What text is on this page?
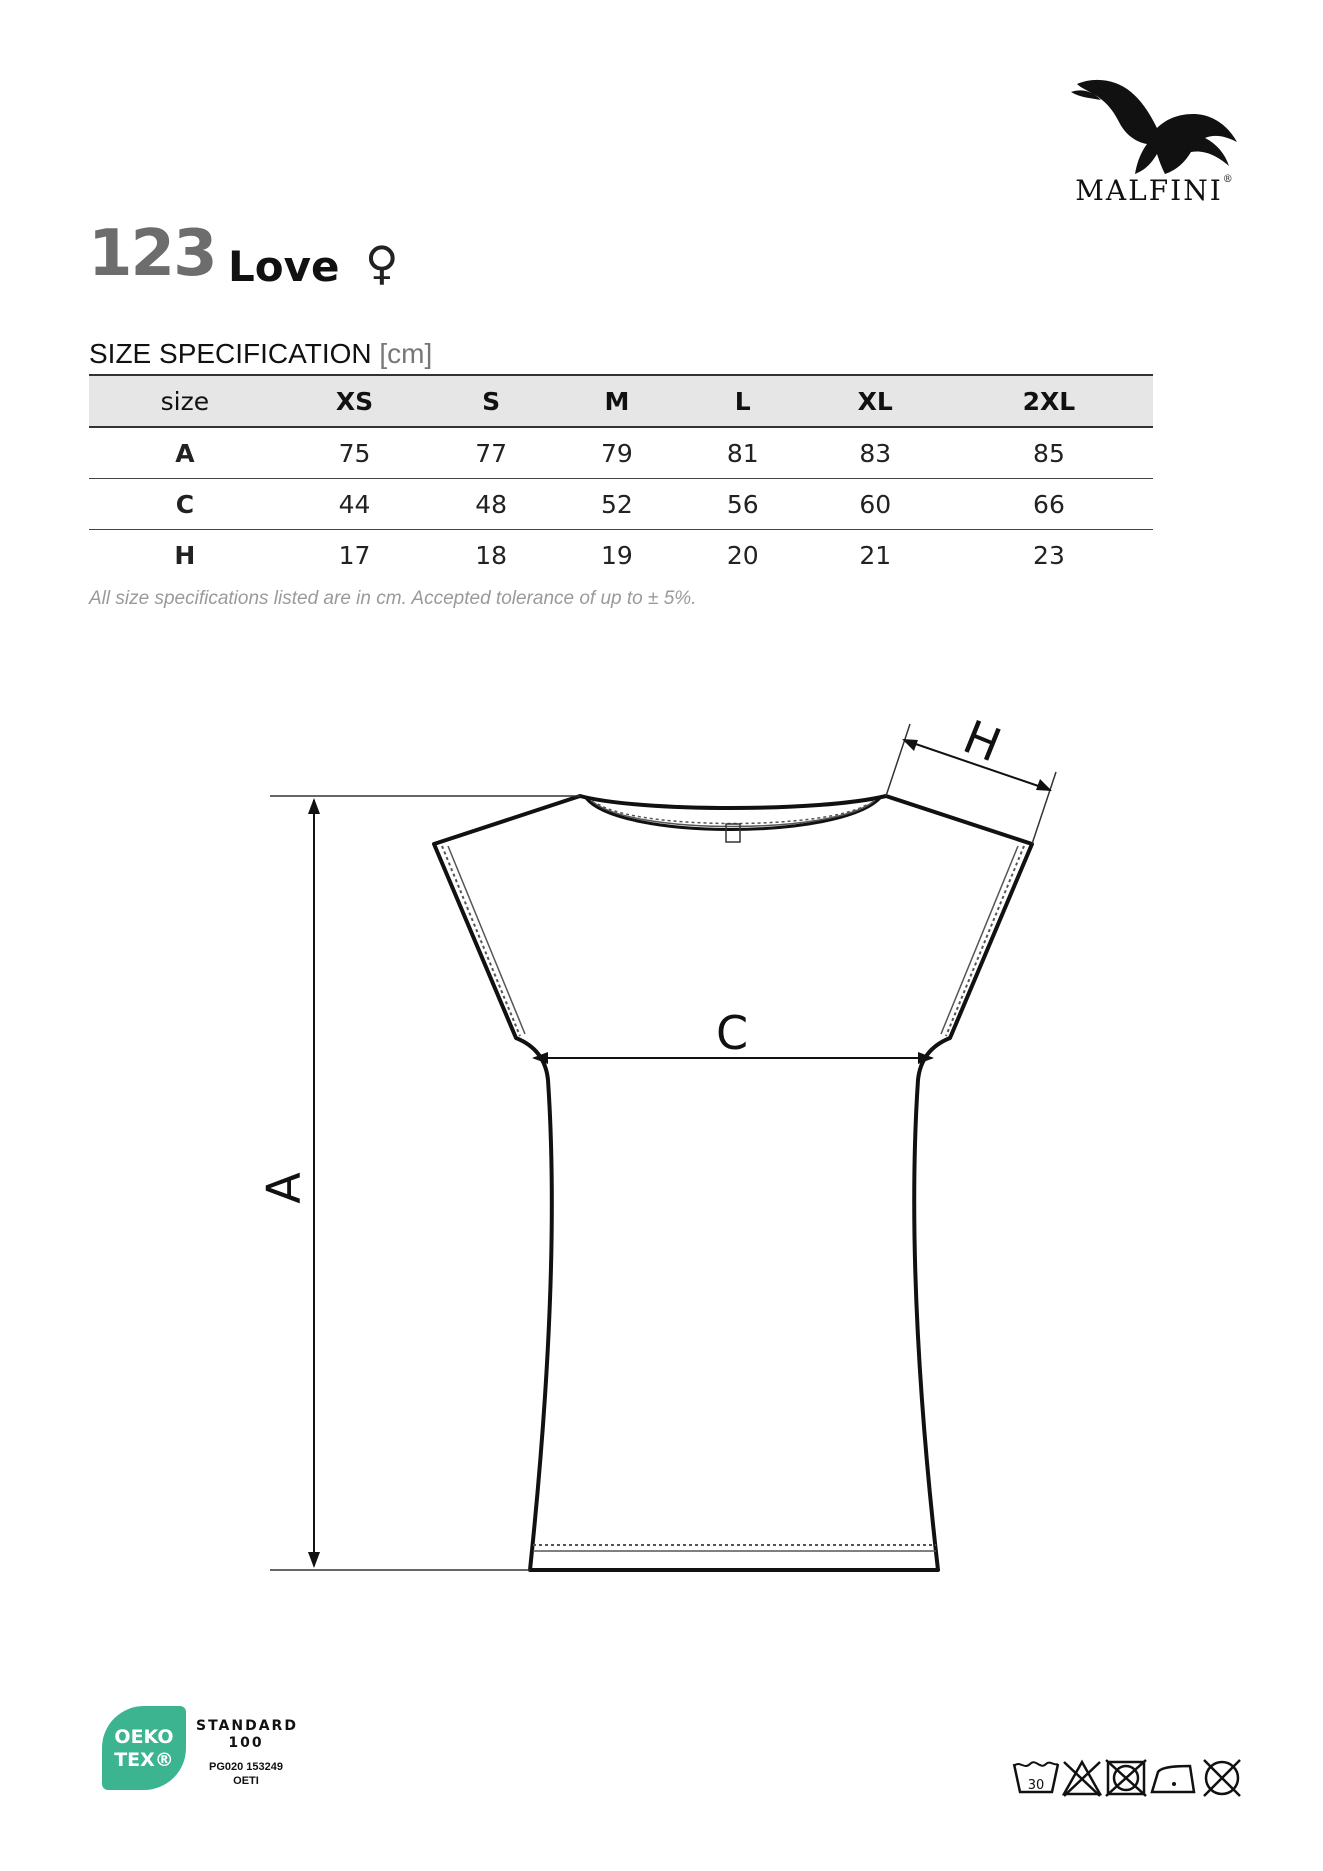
MALFINI®
123 Love ♀
SIZE SPECIFICATION [cm]
size	XS	S	M	L	XL	2XL
A	75	77	79	81	83	85
C	44	48	52	56	60	66
H	17	18	19	20	21	23
All size specifications listed are in cm. Accepted tolerance of up to ± 5%.
H
C
A
OEKO
TEX®
STANDARD
100
PG020 153249
OETI	30
